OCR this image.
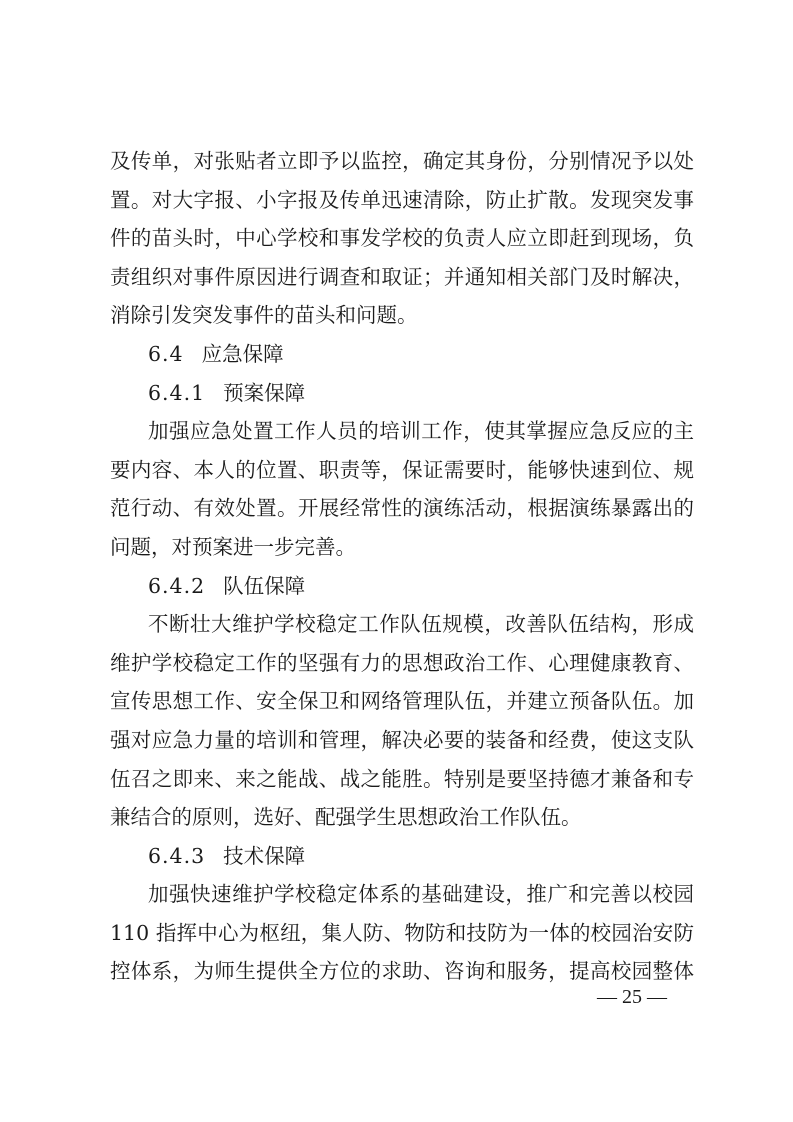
及传单，对张贴者立即予以监控，确定其身份，分别情况予以处
置。对大字报、小字报及传单迅速清除，防止扩散。发现突发事
件的苗头时，中心学校和事发学校的负责人应立即赶到现场，负
责组织对事件原因进行调查和取证；并通知相关部门及时解决，
消除引发突发事件的苗头和问题。
6.4 应急保障
6.4.1 预案保障
加强应急处置工作人员的培训工作，使其掌握应急反应的主
要内容、本人的位置、职责等，保证需要时，能够快速到位、规
范行动、有效处置。开展经常性的演练活动，根据演练暴露出的
问题，对预案进一步完善。
6.4.2 队伍保障
不断壮大维护学校稳定工作队伍规模，改善队伍结构，形成
维护学校稳定工作的坚强有力的思想政治工作、心理健康教育、
宣传思想工作、安全保卫和网络管理队伍，并建立预备队伍。加
强对应急力量的培训和管理，解决必要的装备和经费，使这支队
伍召之即来、来之能战、战之能胜。特别是要坚持德才兼备和专
兼结合的原则，选好、配强学生思想政治工作队伍。
6.4.3 技术保障
加强快速维护学校稳定体系的基础建设，推广和完善以校园
110 指挥中心为枢纽，集人防、物防和技防为一体的校园治安防
控体系，为师生提供全方位的求助、咨询和服务，提高校园整体
— 25 —
